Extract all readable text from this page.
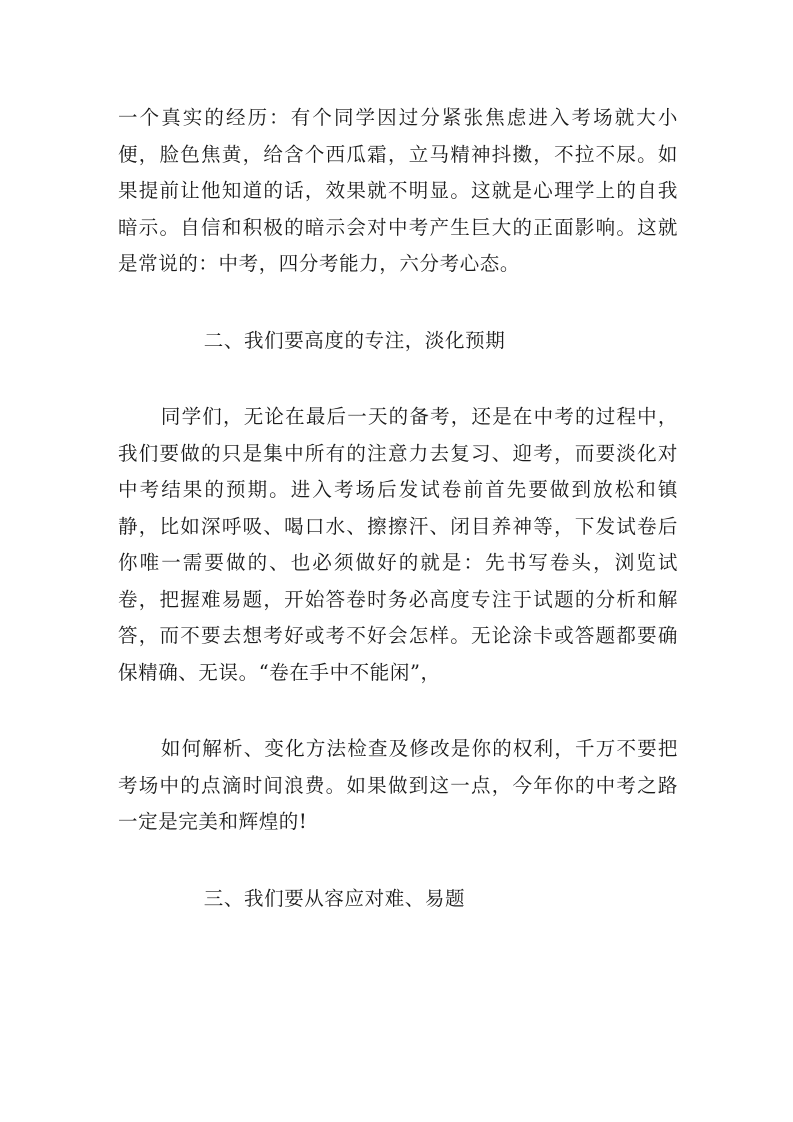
一个真实的经历：有个同学因过分紧张焦虑进入考场就大小便，脸色焦黄，给含个西瓜霜，立马精神抖擞，不拉不尿。如果提前让他知道的话，效果就不明显。这就是心理学上的自我暗示。自信和积极的暗示会对中考产生巨大的正面影响。这就是常说的：中考，四分考能力，六分考心态。

二、我们要高度的专注，淡化预期

同学们，无论在最后一天的备考，还是在中考的过程中，我们要做的只是集中所有的注意力去复习、迎考，而要淡化对中考结果的预期。进入考场后发试卷前首先要做到放松和镇静，比如深呼吸、喝口水、擦擦汗、闭目养神等，下发试卷后你唯一需要做的、也必须做好的就是：先书写卷头，浏览试卷，把握难易题，开始答卷时务必高度专注于试题的分析和解答，而不要去想考好或考不好会怎样。无论涂卡或答题都要确保精确、无误。“卷在手中不能闲”，

如何解析、变化方法检查及修改是你的权利，千万不要把考场中的点滴时间浪费。如果做到这一点，今年你的中考之路一定是完美和辉煌的!

三、我们要从容应对难、易题
